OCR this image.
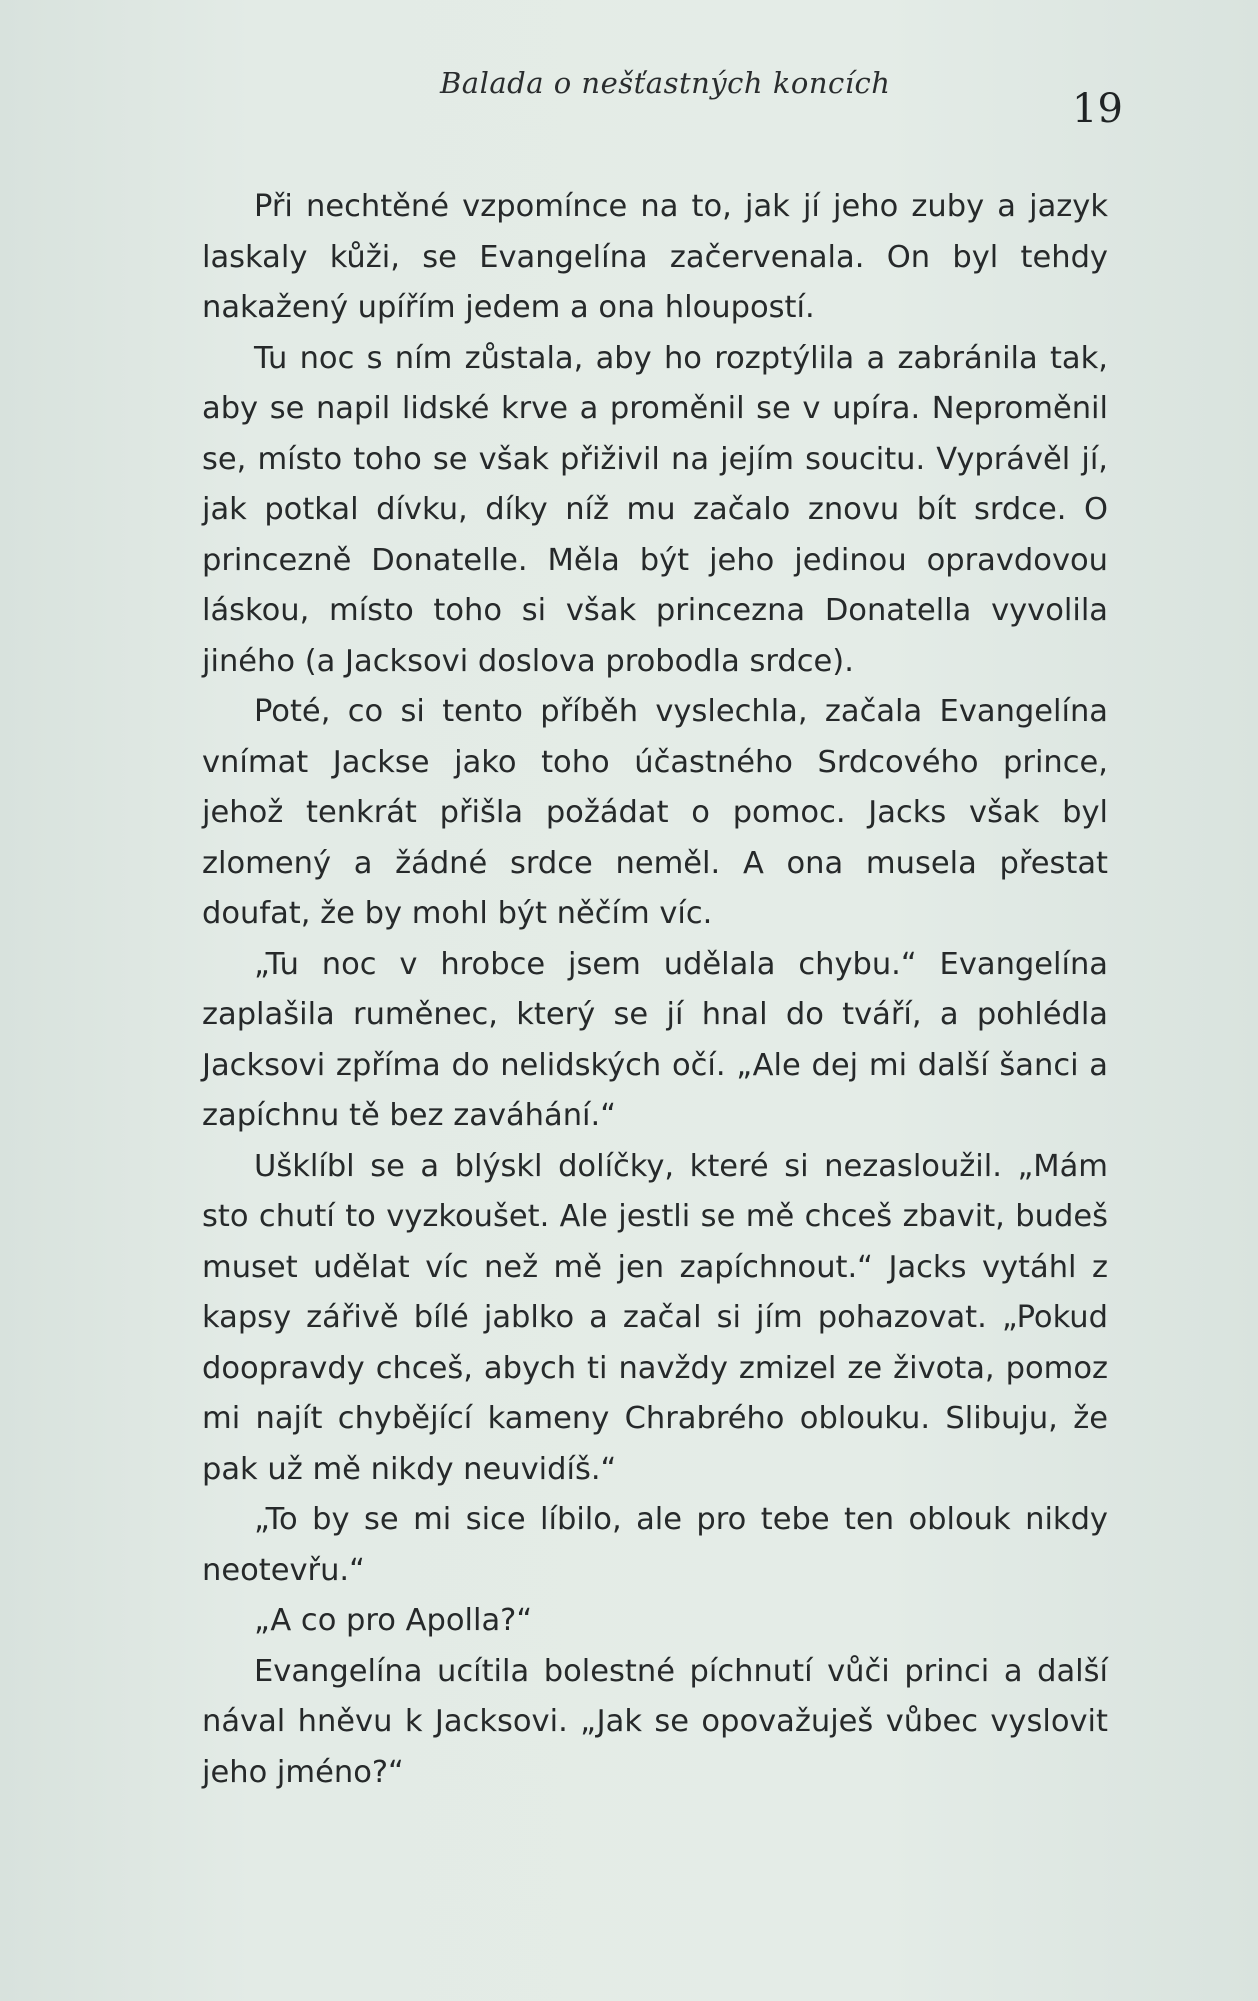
Balada o nešťastných koncích
19

Při nechtěné vzpomínce na to, jak jí jeho zuby a jazyk laskaly kůži, se Evangelína začervenala. On byl tehdy nakažený upířím jedem a ona hloupostí.

Tu noc s ním zůstala, aby ho rozptýlila a zabránila tak, aby se napil lidské krve a proměnil se v upíra. Neproměnil se, místo toho se však přiživil na jejím soucitu. Vyprávěl jí, jak potkal dívku, díky níž mu začalo znovu bít srdce. O princezně Donatelle. Měla být jeho jedinou opravdovou láskou, místo toho si však princezna Donatella vyvolila jiného (a Jacksovi doslova probodla srdce).

Poté, co si tento příběh vyslechla, začala Evangelína vnímat Jackse jako toho účastného Srdcového prince, jehož tenkrát přišla požádat o pomoc. Jacks však byl zlomený a žádné srdce neměl. A ona musela přestat doufat, že by mohl být něčím víc.

„Tu noc v hrobce jsem udělala chybu.“ Evangelína zaplašila ruměnec, který se jí hnal do tváří, a pohlédla Jacksovi zpříma do nelidských očí. „Ale dej mi další šanci a zapíchnu tě bez zaváhání.“

Ušklíbl se a blýskl dolíčky, které si nezasloužil. „Mám sto chutí to vyzkoušet. Ale jestli se mě chceš zbavit, budeš muset udělat víc než mě jen zapíchnout.“ Jacks vytáhl z kapsy zářivě bílé jablko a začal si jím pohazovat. „Pokud doopravdy chceš, abych ti navždy zmizel ze života, pomoz mi najít chybějící kameny Chrabrého oblouku. Slibuju, že pak už mě nikdy neuvidíš.“

„To by se mi sice líbilo, ale pro tebe ten oblouk nikdy neotevřu.“

„A co pro Apolla?“

Evangelína ucítila bolestné píchnutí vůči princi a další nával hněvu k Jacksovi. „Jak se opovažuješ vůbec vyslovit jeho jméno?“
